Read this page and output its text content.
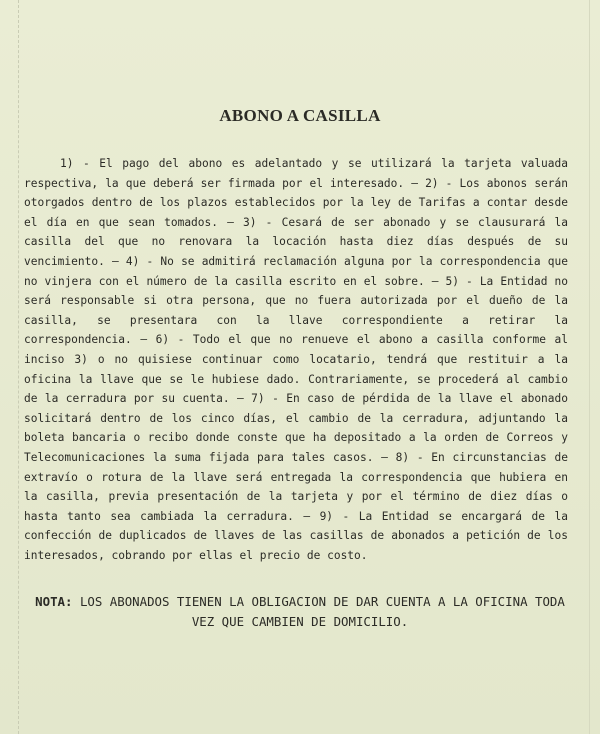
ABONO A CASILLA

1) - El pago del abono es adelantado y se utilizará la tarjeta valuada respectiva, la que deberá ser firmada por el interesado. — 2) - Los abonos serán otorgados dentro de los plazos establecidos por la ley de Tarifas a contar desde el día en que sean tomados. — 3) - Cesará de ser abonado y se clausurará la casilla del que no renovara la locación hasta diez días después de su vencimiento. — 4) - No se admitirá reclamación alguna por la correspondencia que no vinjera con el número de la casilla escrito en el sobre. — 5) - La Entidad no será responsable si otra persona, que no fuera autorizada por el dueño de la casilla, se presentara con la llave correspondiente a retirar la correspondencia. — 6) - Todo el que no renueve el abono a casilla conforme al inciso 3) o no quisiese continuar como locatario, tendrá que restituir a la oficina la llave que se le hubiese dado. Contrariamente, se procederá al cambio de la cerradura por su cuenta. — 7) - En caso de pérdida de la llave el abonado solicitará dentro de los cinco días, el cambio de la cerradura, adjuntando la boleta bancaria o recibo donde conste que ha depositado a la orden de Correos y Telecomunicaciones la suma fijada para tales casos. — 8) - En circunstancias de extravío o rotura de la llave será entregada la correspondencia que hubiera en la casilla, previa presentación de la tarjeta y por el término de diez días o hasta tanto sea cambiada la cerradura. — 9) - La Entidad se encargará de la confección de duplicados de llaves de las casillas de abonados a petición de los interesados, cobrando por ellas el precio de costo.

NOTA: LOS ABONADOS TIENEN LA OBLIGACION DE DAR CUENTA A LA OFICINA TODA VEZ QUE CAMBIEN DE DOMICILIO.
